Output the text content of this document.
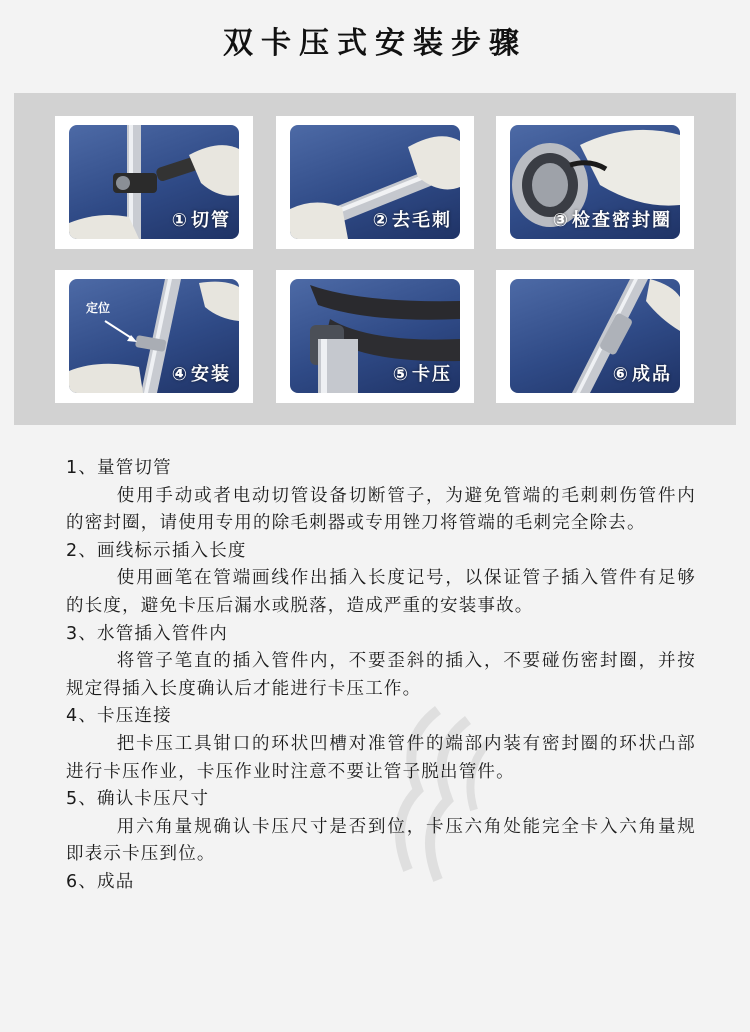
双卡压式安装步骤
① 切管	② 去毛刺	③ 检查密封圈
定位
④ 安装	⑤ 卡压	⑥ 成品
1、量管切管
使用手动或者电动切管设备切断管子，为避免管端的毛刺刺伤管件内的密封圈，请使用专用的除毛刺器或专用锉刀将管端的毛刺完全除去。
2、画线标示插入长度
使用画笔在管端画线作出插入长度记号，以保证管子插入管件有足够的长度，避免卡压后漏水或脱落，造成严重的安装事故。
3、水管插入管件内
将管子笔直的插入管件内，不要歪斜的插入，不要碰伤密封圈，并按规定得插入长度确认后才能进行卡压工作。
4、卡压连接
把卡压工具钳口的环状凹槽对准管件的端部内装有密封圈的环状凸部进行卡压作业，卡压作业时注意不要让管子脱出管件。
5、确认卡压尺寸
用六角量规确认卡压尺寸是否到位，卡压六角处能完全卡入六角量规即表示卡压到位。
6、成品
